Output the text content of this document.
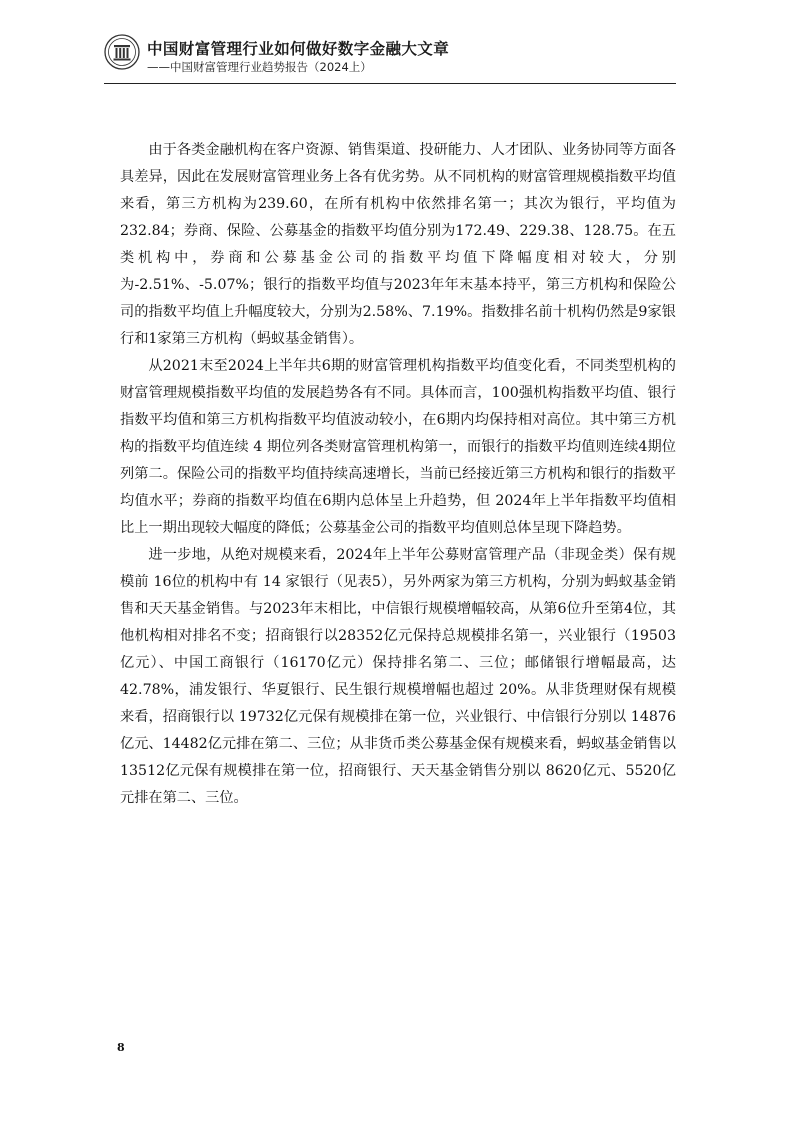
中国财富管理行业如何做好数字金融大文章
——中国财富管理行业趋势报告（2024上）

由于各类金融机构在客户资源、销售渠道、投研能力、人才团队、业务协同等方面各具差异，因此在发展财富管理业务上各有优劣势。从不同机构的财富管理规模指数平均值来看，第三方机构为239.60，在所有机构中依然排名第一；其次为银行，平均值为232.84；券商、保险、公募基金的指数平均值分别为172.49、229.38、128.75。在五类机构中，券商和公募基金公司的指数平均值下降幅度相对较大，分别为-2.51%、-5.07%；银行的指数平均值与2023年年末基本持平，第三方机构和保险公司的指数平均值上升幅度较大，分别为2.58%、7.19%。指数排名前十机构仍然是9家银行和1家第三方机构（蚂蚁基金销售）。

从2021末至2024上半年共6期的财富管理机构指数平均值变化看，不同类型机构的财富管理规模指数平均值的发展趋势各有不同。具体而言，100强机构指数平均值、银行指数平均值和第三方机构指数平均值波动较小，在6期内均保持相对高位。其中第三方机构的指数平均值连续 4 期位列各类财富管理机构第一，而银行的指数平均值则连续4期位列第二。保险公司的指数平均值持续高速增长，当前已经接近第三方机构和银行的指数平均值水平；券商的指数平均值在6期内总体呈上升趋势，但 2024年上半年指数平均值相比上一期出现较大幅度的降低；公募基金公司的指数平均值则总体呈现下降趋势。

进一步地，从绝对规模来看，2024年上半年公募财富管理产品（非现金类）保有规模前 16位的机构中有 14 家银行（见表5），另外两家为第三方机构，分别为蚂蚁基金销售和天天基金销售。与2023年末相比，中信银行规模增幅较高，从第6位升至第4位，其他机构相对排名不变；招商银行以28352亿元保持总规模排名第一，兴业银行（19503亿元）、中国工商银行（16170亿元）保持排名第二、三位；邮储银行增幅最高，达 42.78%，浦发银行、华夏银行、民生银行规模增幅也超过 20%。从非货理财保有规模来看，招商银行以 19732亿元保有规模排在第一位，兴业银行、中信银行分别以 14876亿元、14482亿元排在第二、三位；从非货币类公募基金保有规模来看，蚂蚁基金销售以 13512亿元保有规模排在第一位，招商银行、天天基金销售分别以 8620亿元、5520亿元排在第二、三位。

8
